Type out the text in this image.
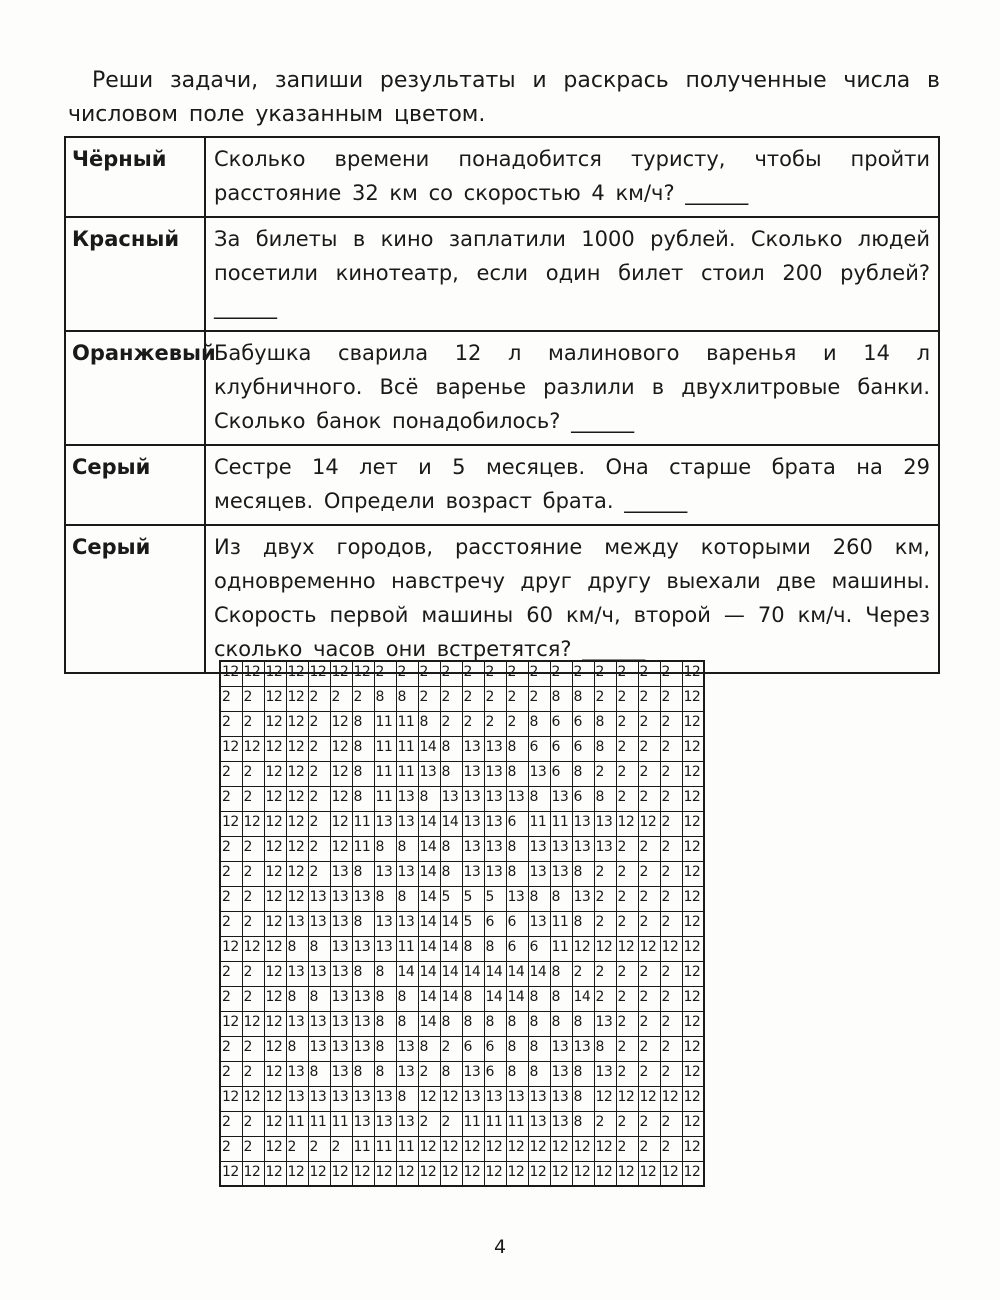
Реши задачи, запиши результаты и раскрась полученные числа в числовом поле указанным цветом.

Чёрный	Сколько времени понадобится туристу, чтобы пройти расстояние 32 км со скоростью 4 км/ч? ______
Красный	За билеты в кино заплатили 1000 рублей. Сколько людей посетили кинотеатр, если один билет стоил 200 рублей? ______
Оранжевый	Бабушка сварила 12 л малинового варенья и 14 л клубничного. Всё варенье разлили в двухлитровые банки. Сколько банок понадобилось? ______
Серый	Сестре 14 лет и 5 месяцев. Она старше брата на 29 месяцев. Определи возраст брата. ______
Серый	Из двух городов, расстояние между которыми 260 км, одновременно навстречу друг другу выехали две машины. Скорость первой машины 60 км/ч, второй — 70 км/ч. Через сколько часов они встретятся? ______
12	12	12	12	12	12	12	2	2	2	2	2	2	2	2	2	2	2	2	2	2	12
2	2	12	12	2	2	2	8	8	2	2	2	2	2	2	8	8	2	2	2	2	12
2	2	12	12	2	12	8	11	11	8	2	2	2	2	8	6	6	8	2	2	2	12
12	12	12	12	2	12	8	11	11	14	8	13	13	8	6	6	6	8	2	2	2	12
2	2	12	12	2	12	8	11	11	13	8	13	13	8	13	6	8	2	2	2	2	12
2	2	12	12	2	12	8	11	13	8	13	13	13	13	8	13	6	8	2	2	2	12
12	12	12	12	2	12	11	13	13	14	14	13	13	6	11	11	13	13	12	12	2	12
2	2	12	12	2	12	11	8	8	14	8	13	13	8	13	13	13	13	2	2	2	12
2	2	12	12	2	13	8	13	13	14	8	13	13	8	13	13	8	2	2	2	2	12
2	2	12	12	13	13	13	8	8	14	5	5	5	13	8	8	13	2	2	2	2	12
2	2	12	13	13	13	8	13	13	14	14	5	6	6	13	11	8	2	2	2	2	12
12	12	12	8	8	13	13	13	11	14	14	8	8	6	6	11	12	12	12	12	12	12
2	2	12	13	13	13	8	8	14	14	14	14	14	14	14	8	2	2	2	2	2	12
2	2	12	8	8	13	13	8	8	14	14	8	14	14	8	8	14	2	2	2	2	12
12	12	12	13	13	13	13	8	8	14	8	8	8	8	8	8	8	13	2	2	2	12
2	2	12	8	13	13	13	8	13	8	2	6	6	8	8	13	13	8	2	2	2	12
2	2	12	13	8	13	8	8	13	2	8	13	6	8	8	13	8	13	2	2	2	12
12	12	12	13	13	13	13	13	8	12	12	13	13	13	13	13	8	12	12	12	12	12
2	2	12	11	11	11	13	13	13	2	2	11	11	11	13	13	8	2	2	2	2	12
2	2	12	2	2	2	11	11	11	12	12	12	12	12	12	12	12	12	2	2	2	12
12	12	12	12	12	12	12	12	12	12	12	12	12	12	12	12	12	12	12	12	12	12
4
